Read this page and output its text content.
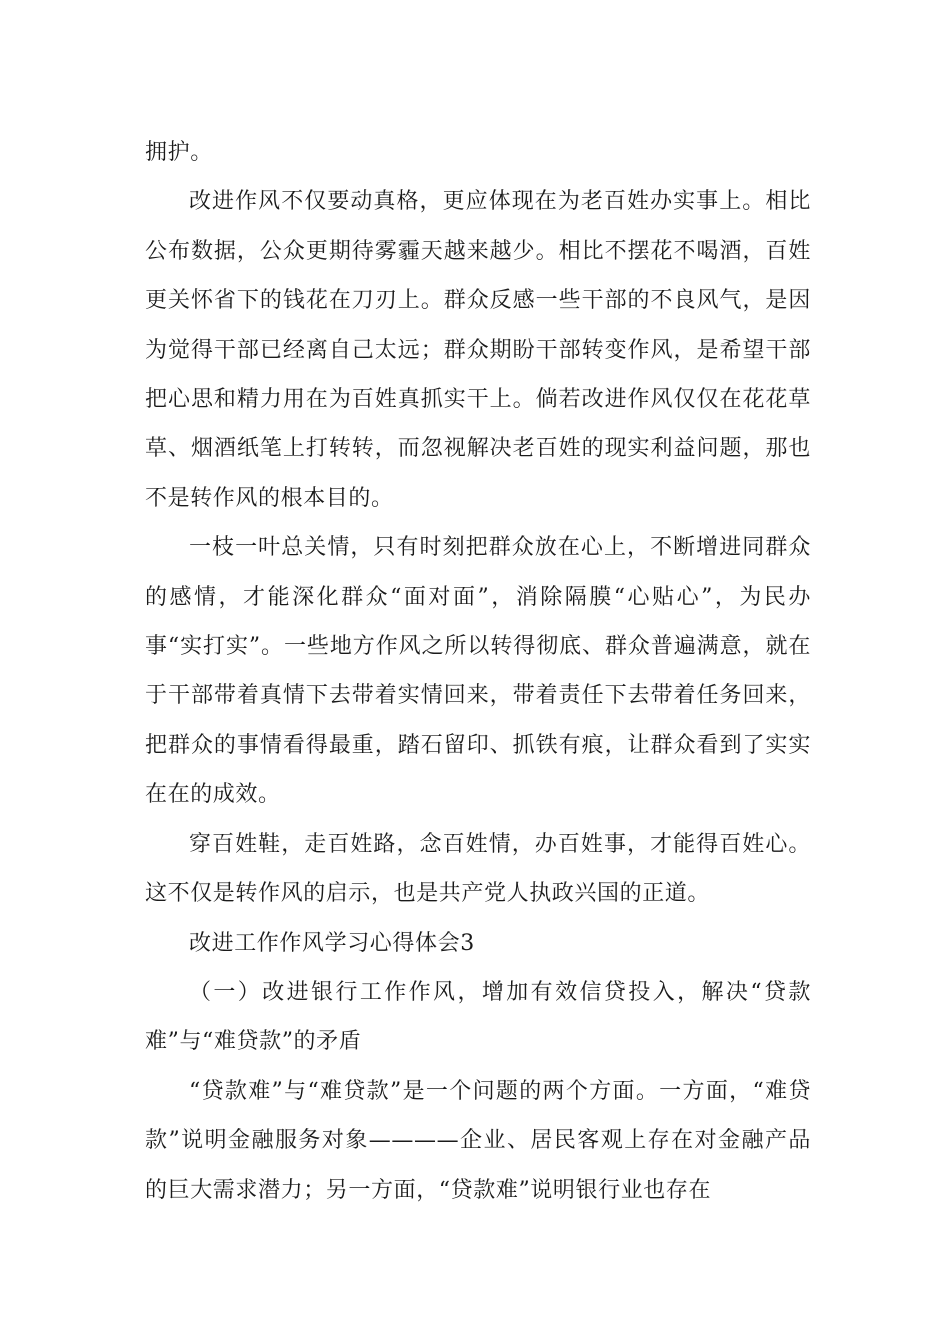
拥护。

改进作风不仅要动真格，更应体现在为老百姓办实事上。相比公布数据，公众更期待雾霾天越来越少。相比不摆花不喝酒，百姓更关怀省下的钱花在刀刃上。群众反感一些干部的不良风气，是因为觉得干部已经离自己太远；群众期盼干部转变作风，是希望干部把心思和精力用在为百姓真抓实干上。倘若改进作风仅仅在花花草草、烟酒纸笔上打转转，而忽视解决老百姓的现实利益问题，那也不是转作风的根本目的。

一枝一叶总关情，只有时刻把群众放在心上，不断增进同群众的感情，才能深化群众“面对面”，消除隔膜“心贴心”，为民办事“实打实”。一些地方作风之所以转得彻底、群众普遍满意，就在于干部带着真情下去带着实情回来，带着责任下去带着任务回来，把群众的事情看得最重，踏石留印、抓铁有痕，让群众看到了实实在在的成效。

穿百姓鞋，走百姓路，念百姓情，办百姓事，才能得百姓心。这不仅是转作风的启示，也是共产党人执政兴国的正道。

改进工作作风学习心得体会3

（一）改进银行工作作风，增加有效信贷投入，解决“贷款难”与“难贷款”的矛盾

“贷款难”与“难贷款”是一个问题的两个方面。一方面，“难贷款”说明金融服务对象————企业、居民客观上存在对金融产品的巨大需求潜力；另一方面，“贷款难”说明银行业也存在
